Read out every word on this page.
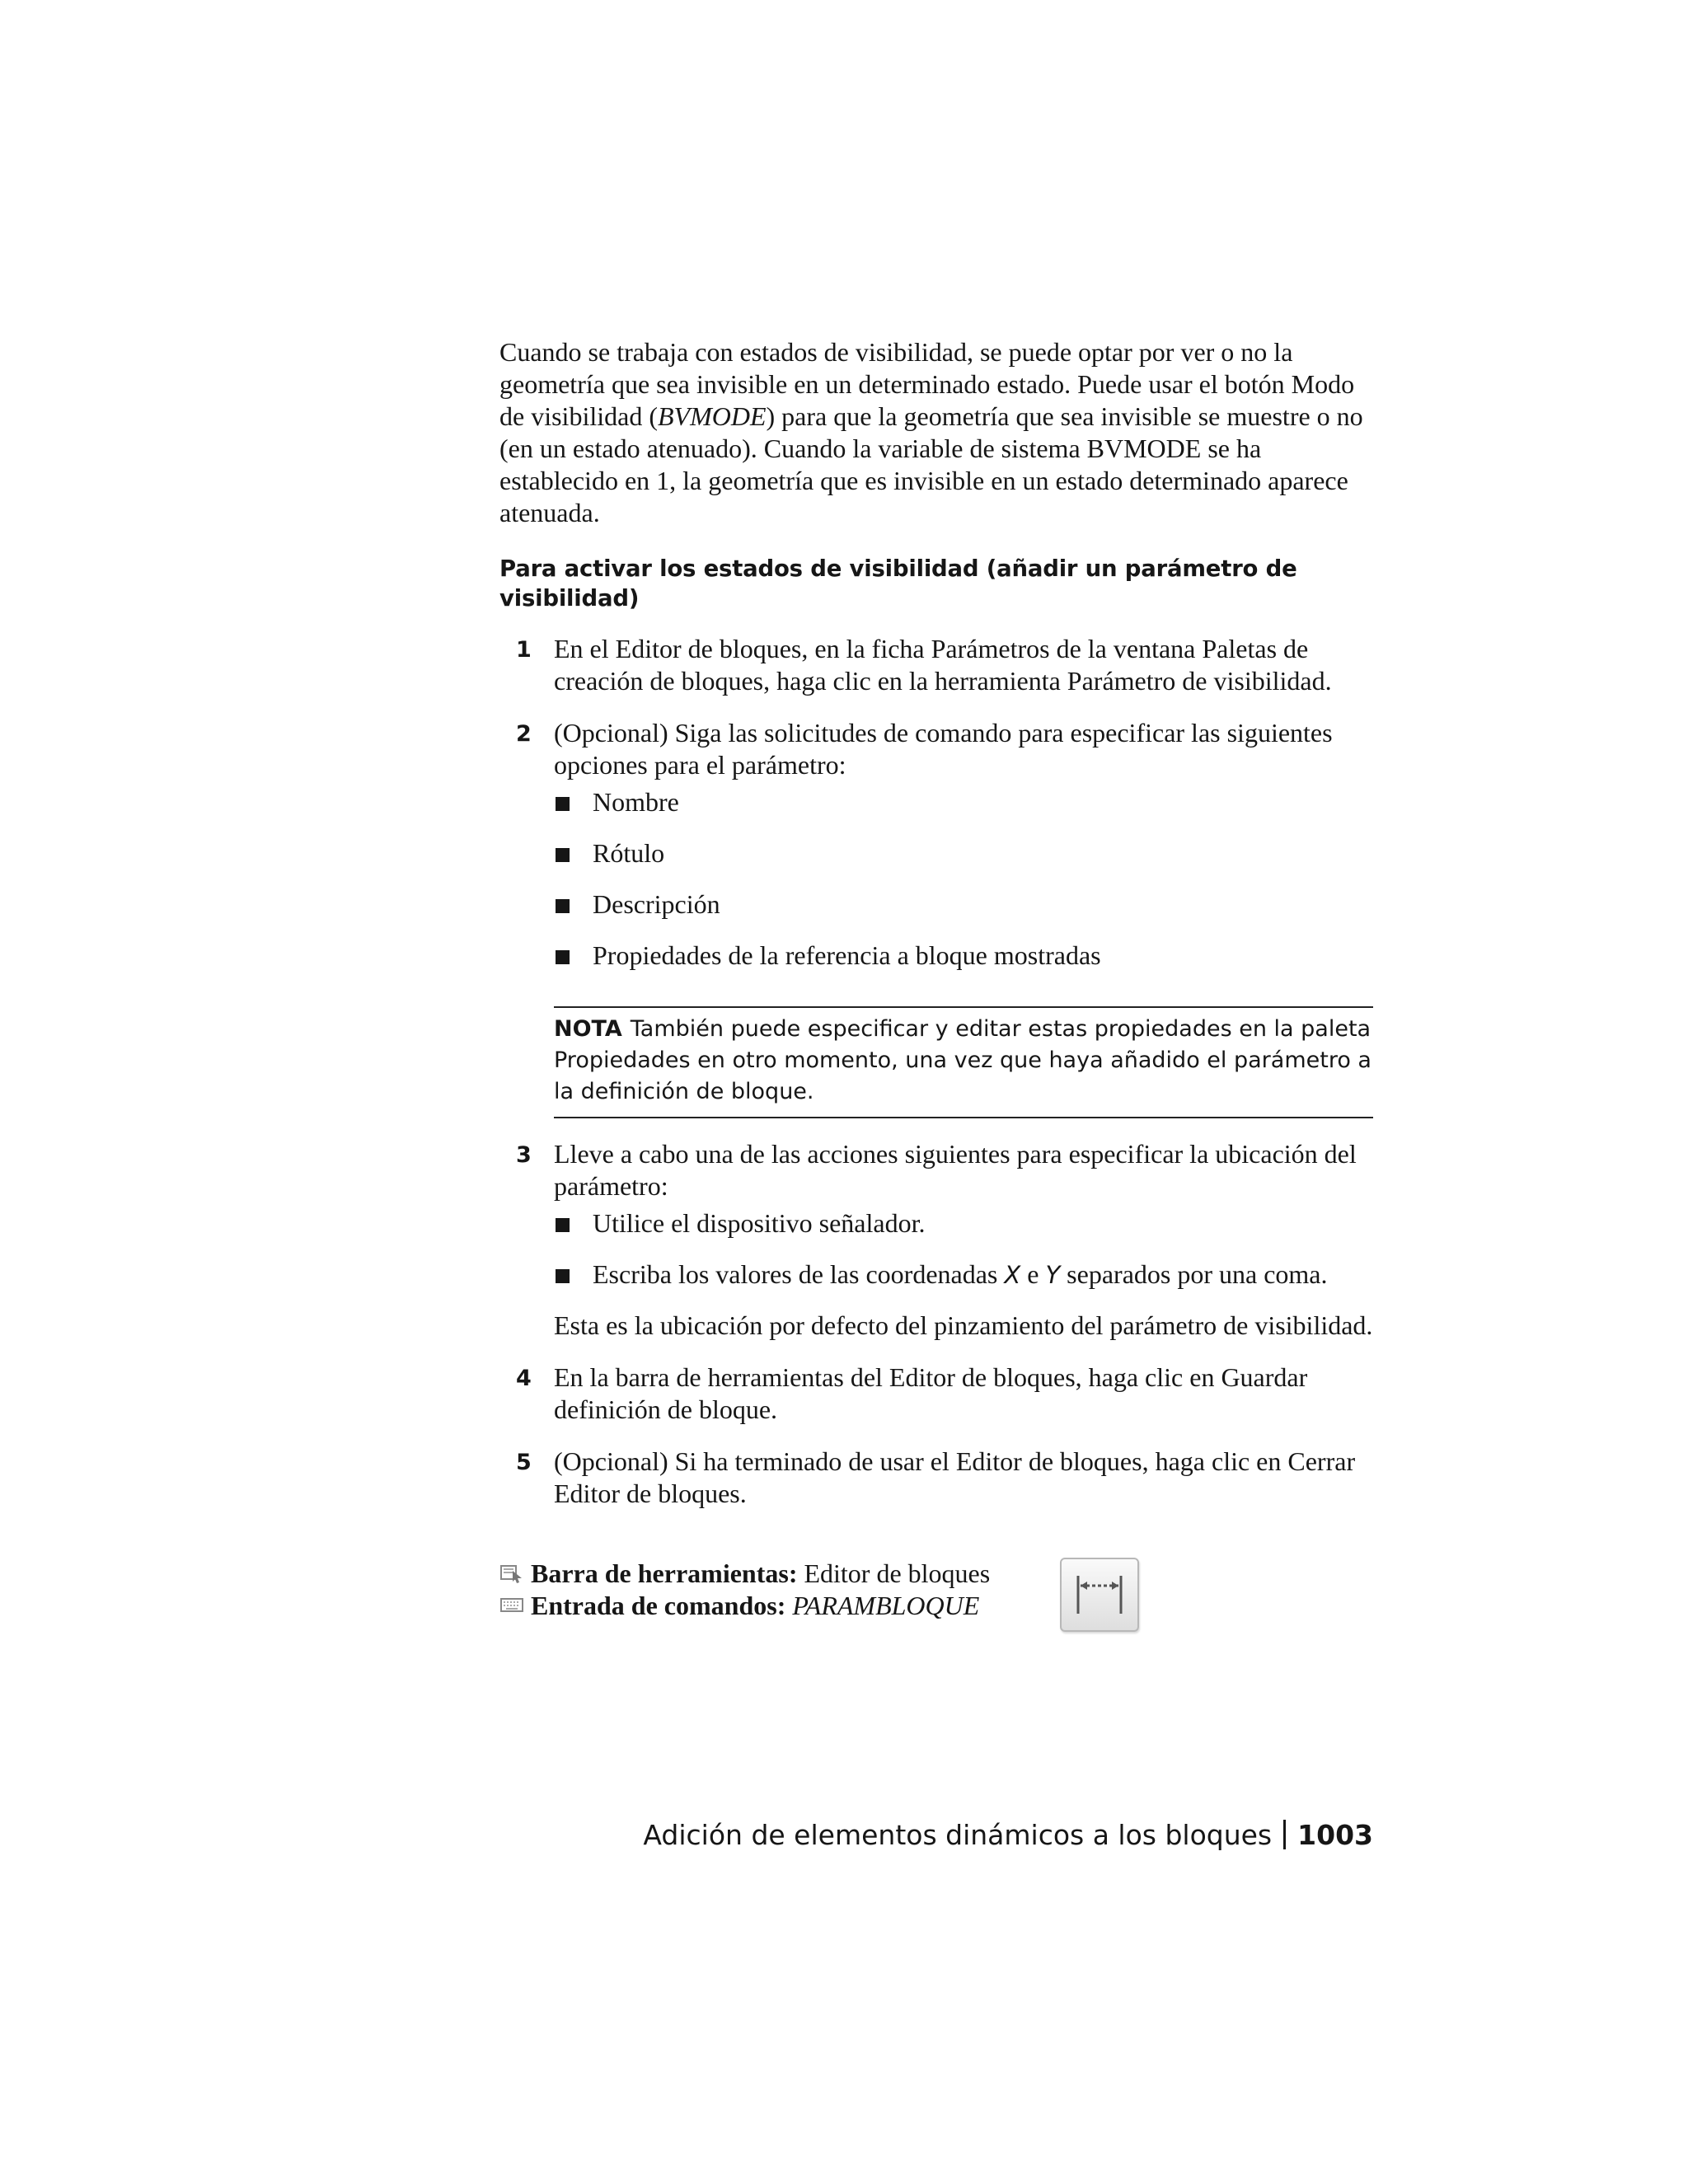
Cuando se trabaja con estados de visibilidad, se puede optar por ver o no la geometría que sea invisible en un determinado estado. Puede usar el botón Modo de visibilidad (BVMODE) para que la geometría que sea invisible se muestre o no (en un estado atenuado). Cuando la variable de sistema BVMODE se ha establecido en 1, la geometría que es invisible en un estado determinado aparece atenuada.

Para activar los estados de visibilidad (añadir un parámetro de visibilidad)
1 En el Editor de bloques, en la ficha Parámetros de la ventana Paletas de creación de bloques, haga clic en la herramienta Parámetro de visibilidad.
2 (Opcional) Siga las solicitudes de comando para especificar las siguientes opciones para el parámetro:
Nombre
Rótulo
Descripción
Propiedades de la referencia a bloque mostradas
NOTA También puede especificar y editar estas propiedades en la paleta Propiedades en otro momento, una vez que haya añadido el parámetro a la definición de bloque.
3 Lleve a cabo una de las acciones siguientes para especificar la ubicación del parámetro:
Utilice el dispositivo señalador.
Escriba los valores de las coordenadas X e Y separados por una coma.
Esta es la ubicación por defecto del pinzamiento del parámetro de visibilidad.
4 En la barra de herramientas del Editor de bloques, haga clic en Guardar definición de bloque.
5 (Opcional) Si ha terminado de usar el Editor de bloques, haga clic en Cerrar Editor de bloques.
Barra de herramientas: Editor de bloques
Entrada de comandos: PARAMBLOQUE
Adición de elementos dinámicos a los bloques 1003
